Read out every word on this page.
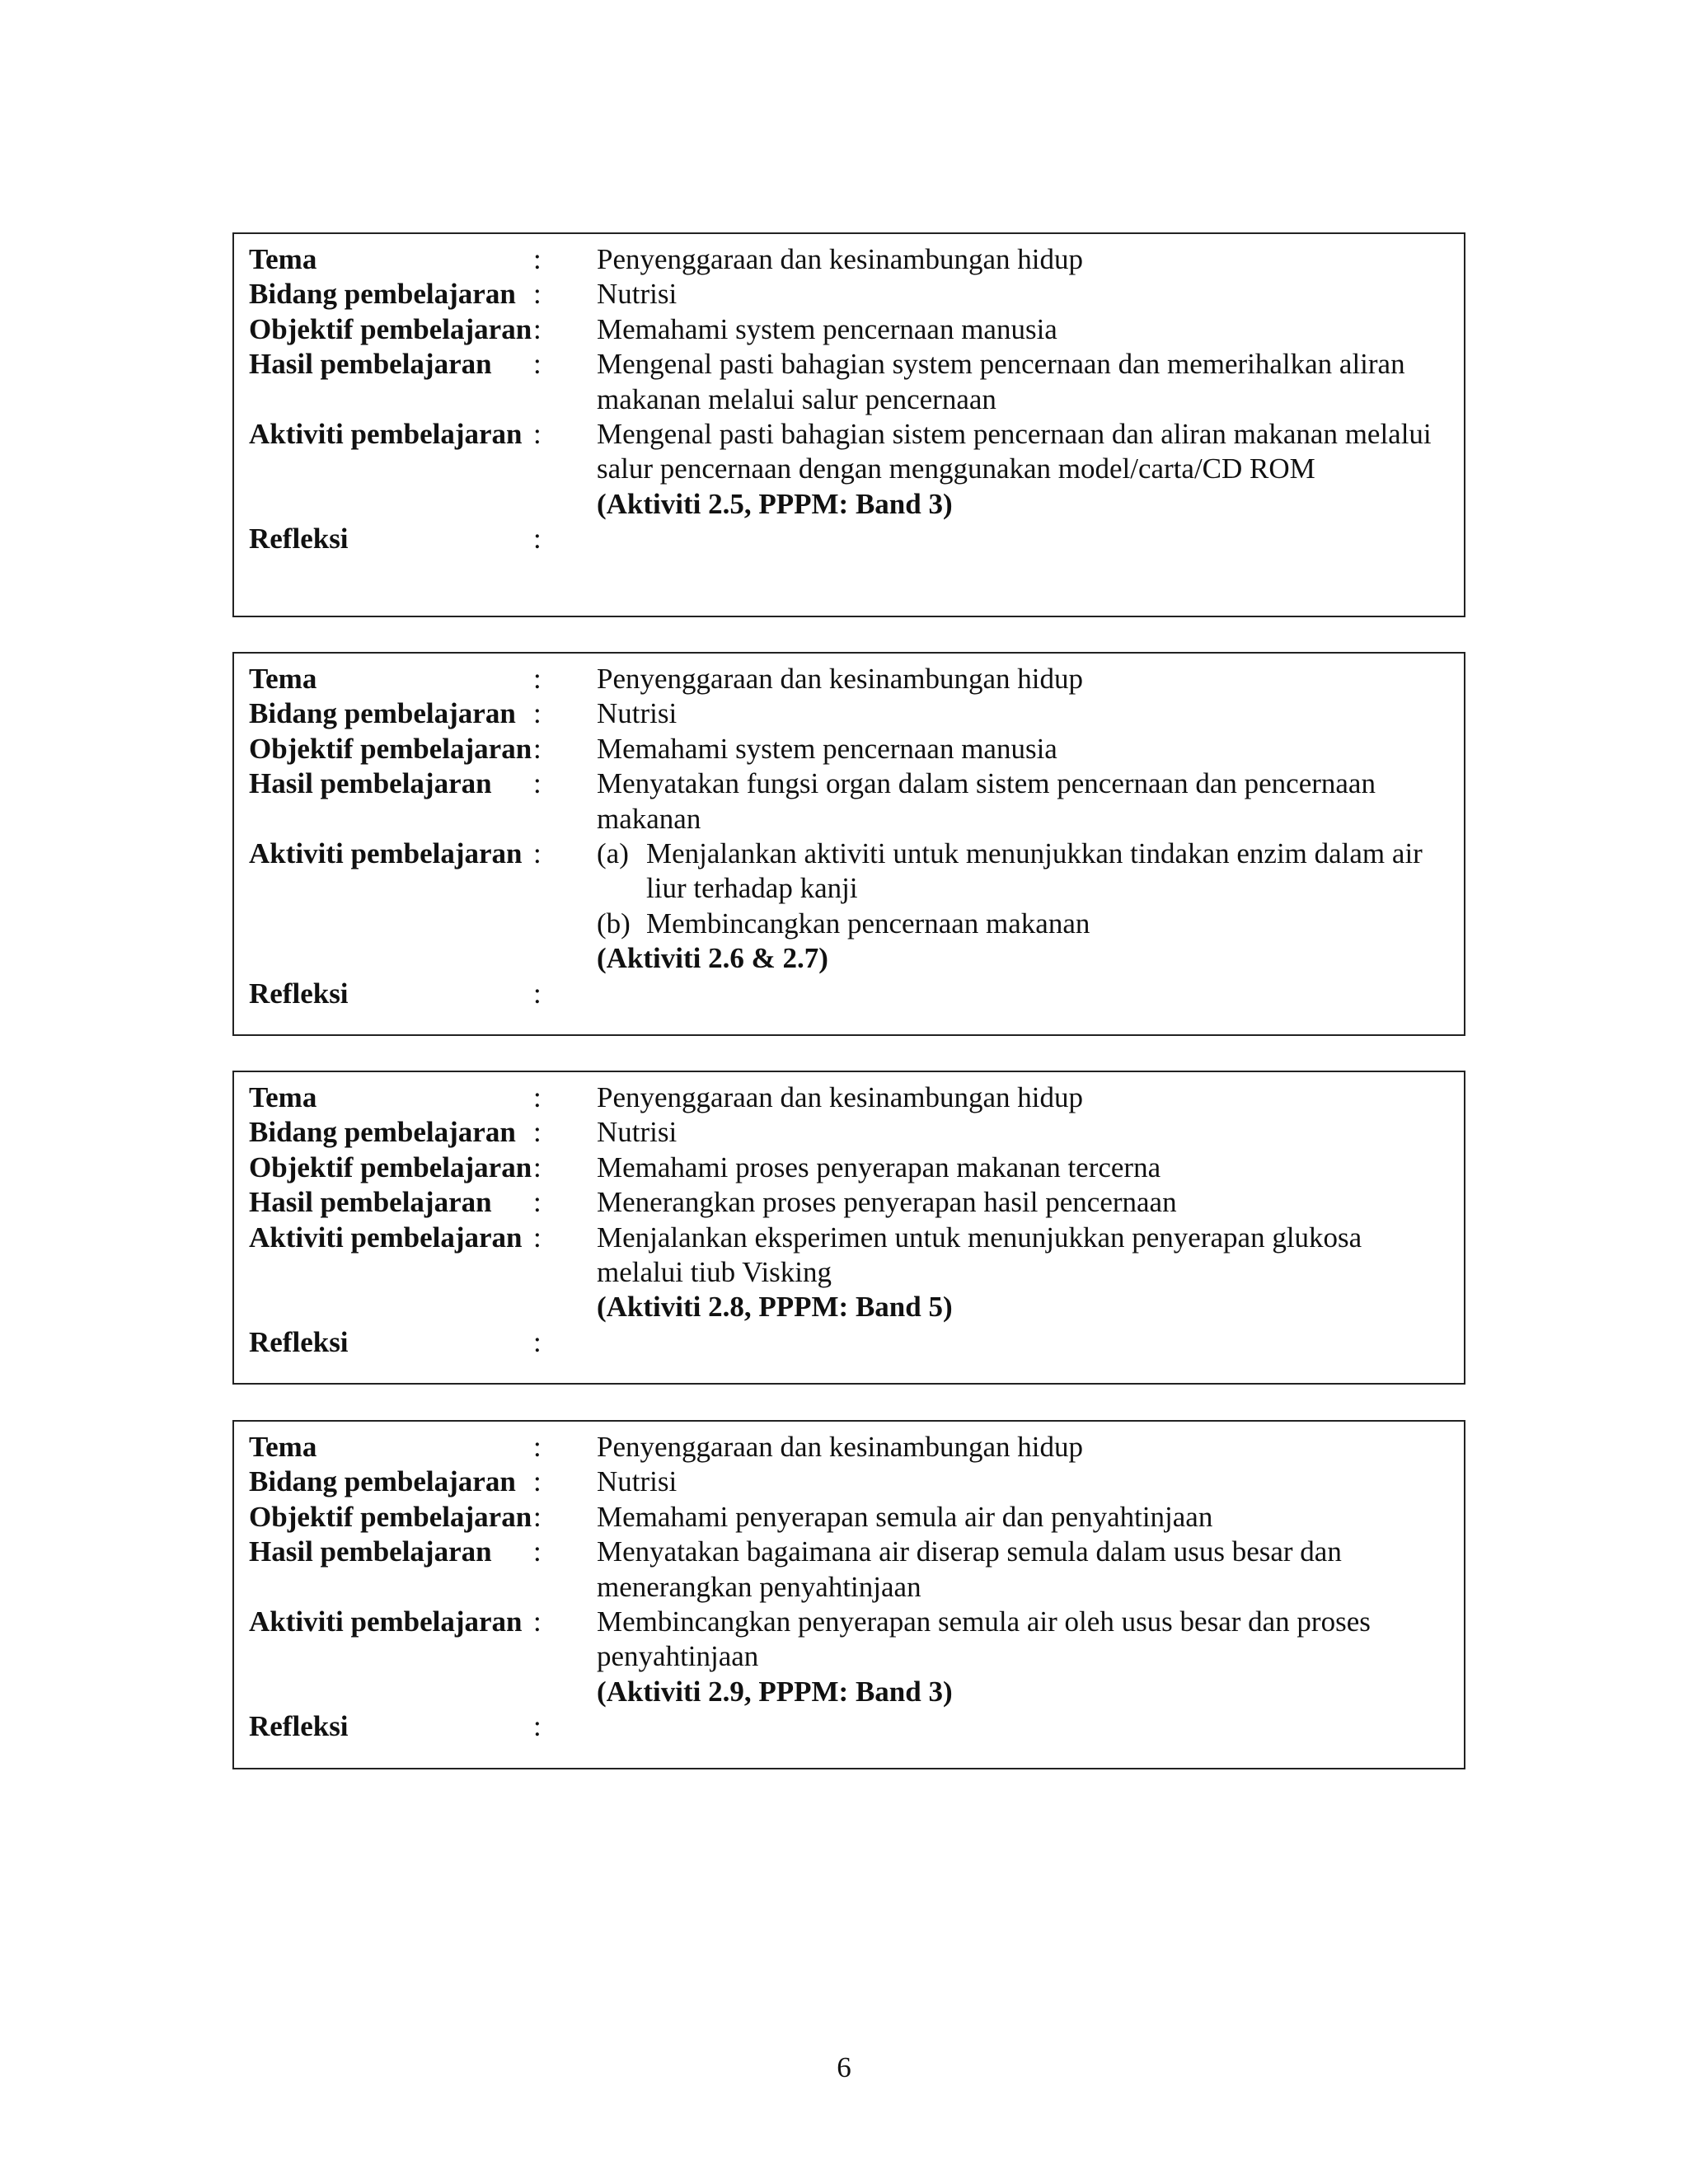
Tema	:	Penyenggaraan dan kesinambungan hidup
Bidang pembelajaran :	Nutrisi
Objektif pembelajaran :	Memahami system pencernaan manusia
Hasil pembelajaran	:	Mengenal pasti bahagian system pencernaan dan memerihalkan aliran makanan melalui salur pencernaan
Aktiviti pembelajaran :	Mengenal pasti bahagian sistem pencernaan dan aliran makanan melalui salur pencernaan dengan menggunakan model/carta/CD ROM

(Aktiviti 2.5, PPPM: Band 3)

Refleksi	:
Tema	:	Penyenggaraan dan kesinambungan hidup
Bidang pembelajaran :	Nutrisi
Objektif pembelajaran :	Memahami system pencernaan manusia
Hasil pembelajaran	:	Menyatakan fungsi organ dalam sistem pencernaan dan pencernaan makanan
Aktiviti pembelajaran :	(a) Menjalankan aktiviti untuk menunjukkan tindakan enzim dalam air liur terhadap kanji
(b) Membincangkan pencernaan makanan

(Aktiviti 2.6 & 2.7)

Refleksi	:
Tema	:	Penyenggaraan dan kesinambungan hidup
Bidang pembelajaran :	Nutrisi
Objektif pembelajaran :	Memahami proses penyerapan makanan tercerna
Hasil pembelajaran	:	Menerangkan proses penyerapan hasil pencernaan
Aktiviti pembelajaran :	Menjalankan eksperimen untuk menunjukkan penyerapan glukosa melalui tiub Visking

(Aktiviti 2.8, PPPM: Band 5)

Refleksi	:
Tema	:	Penyenggaraan dan kesinambungan hidup
Bidang pembelajaran :	Nutrisi
Objektif pembelajaran :	Memahami penyerapan semula air dan penyahtinjaan
Hasil pembelajaran	:	Menyatakan bagaimana air diserap semula dalam usus besar dan menerangkan penyahtinjaan
Aktiviti pembelajaran :	Membincangkan penyerapan semula air oleh usus besar dan proses penyahtinjaan

(Aktiviti 2.9, PPPM: Band 3)

Refleksi	:
6
